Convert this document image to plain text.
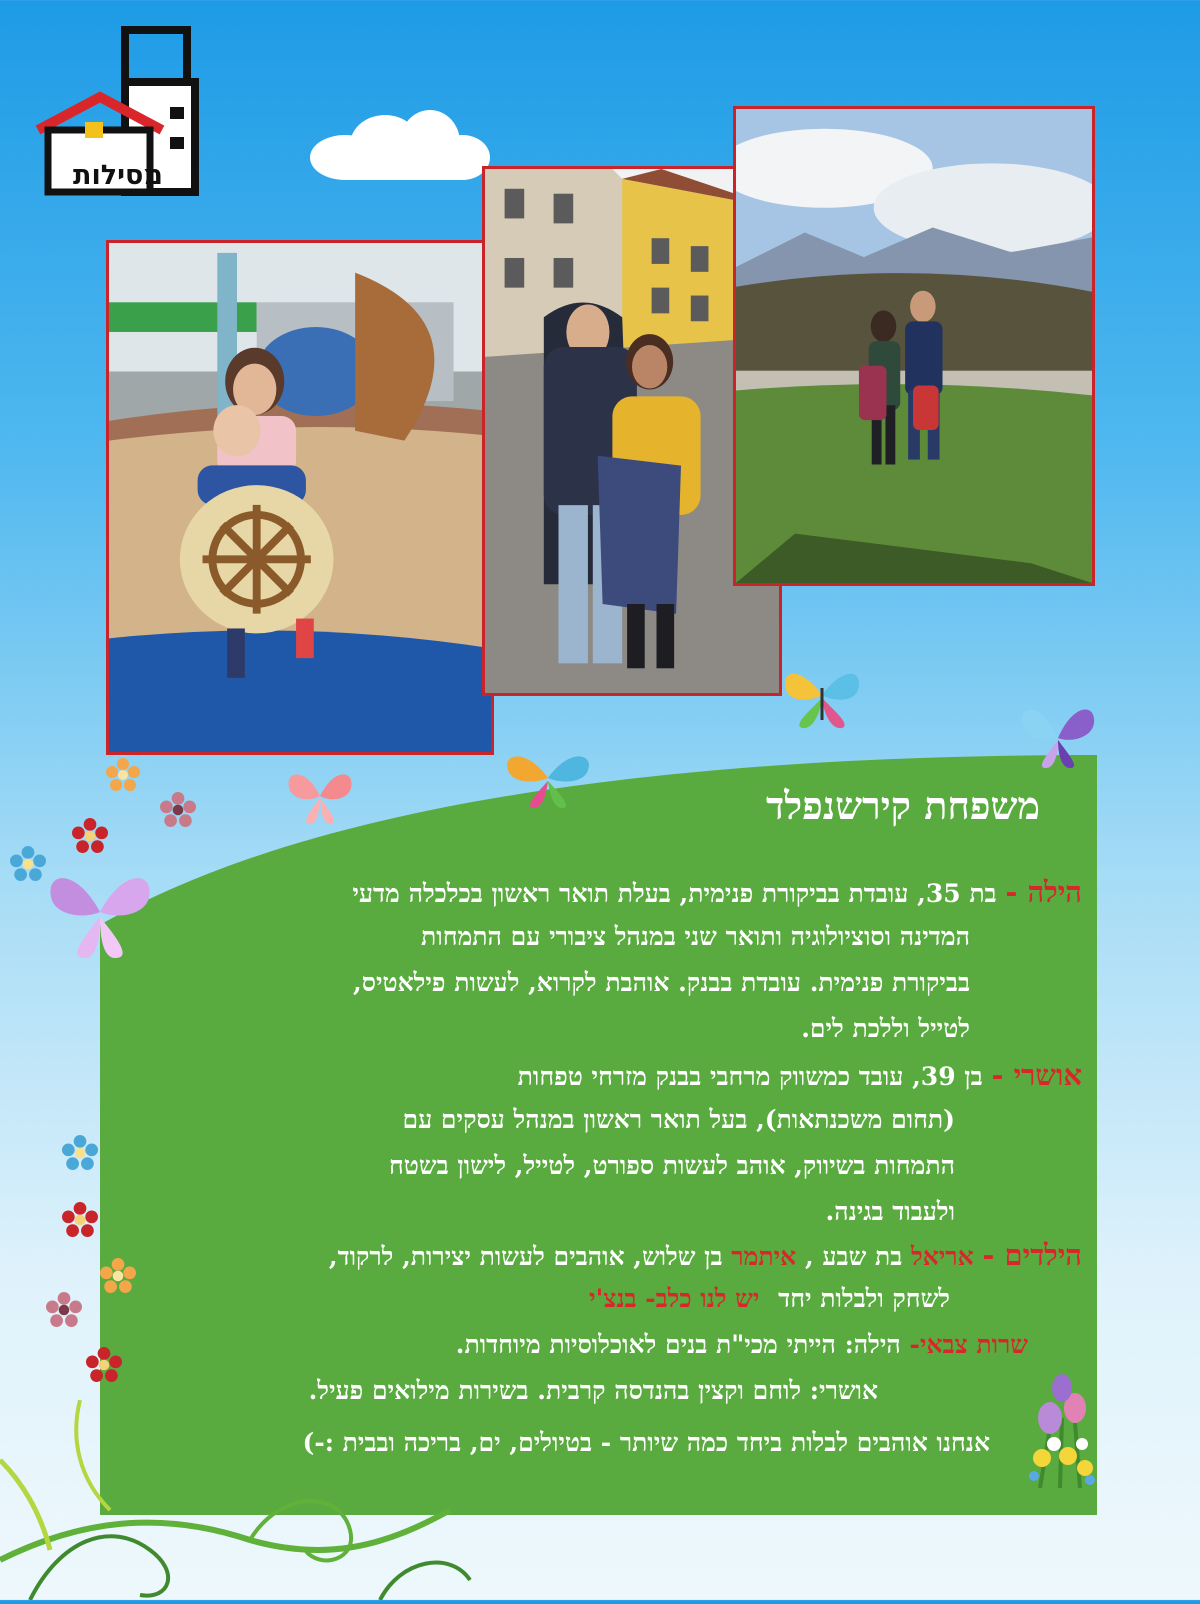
מסילות
משפחת קירשנפלד
הילה - בת 35, עובדת בביקורת פנימית, בעלת תואר ראשון בכלכלה מדעי
המדינה וסוציולוגיה ותואר שני במנהל ציבורי עם התמחות
בביקורת פנימית. עובדת בבנק. אוהבת לקרוא, לעשות פילאטיס,
לטייל וללכת לים.
אושרי - בן 39, עובד כמשווק מרחבי בבנק מזרחי טפחות
(תחום משכנתאות), בעל תואר ראשון במנהל עסקים עם
התמחות בשיווק, אוהב לעשות ספורט, לטייל, לישון בשטח
ולעבוד בגינה.
הילדים - אריאל בת שבע , איתמר בן שלוש, אוהבים לעשות יצירות, לרקוד,
לשחק ולבלות יחד יש לנו כלב- בנצ'י
שרות צבאי- הילה: הייתי מכי"ת בנים לאוכלוסיות מיוחדות.
אושרי: לוחם וקצין בהנדסה קרבית. בשירות מילואים פעיל.
אנחנו אוהבים לבלות ביחד כמה שיותר - בטיולים, ים, בריכה ובבית :-)
